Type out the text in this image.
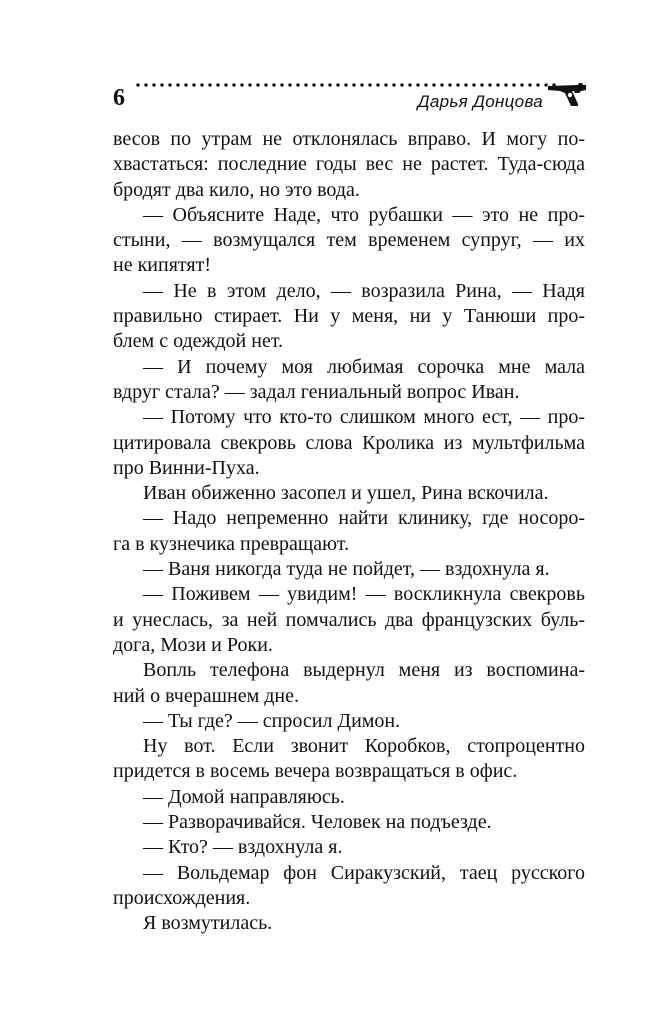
6	Дарья Донцова
весов по утрам не отклонялась вправо. И могу по-
хвастаться: последние годы вес не растет. Туда-сюда
бродят два кило, но это вода.
— Объясните Наде, что рубашки — это не про-
стыни, — возмущался тем временем супруг, — их
не кипятят!
— Не в этом дело, — возразила Рина, — Надя
правильно стирает. Ни у меня, ни у Танюши про-
блем с одеждой нет.
— И почему моя любимая сорочка мне мала
вдруг стала? — задал гениальный вопрос Иван.
— Потому что кто-то слишком много ест, — про-
цитировала свекровь слова Кролика из мультфильма
про Винни-Пуха.
Иван обиженно засопел и ушел, Рина вскочила.
— Надо непременно найти клинику, где носоро-
га в кузнечика превращают.
— Ваня никогда туда не пойдет, — вздохнула я.
— Поживем — увидим! — воскликнула свекровь
и унеслась, за ней помчались два французских буль-
дога, Мози и Роки.
Вопль телефона выдернул меня из воспомина-
ний о вчерашнем дне.
— Ты где? — спросил Димон.
Ну вот. Если звонит Коробков, стопроцентно
придется в восемь вечера возвращаться в офис.
— Домой направляюсь.
— Разворачивайся. Человек на подъезде.
— Кто? — вздохнула я.
— Вольдемар фон Сиракузский, таец русского
происхождения.
Я возмутилась.
